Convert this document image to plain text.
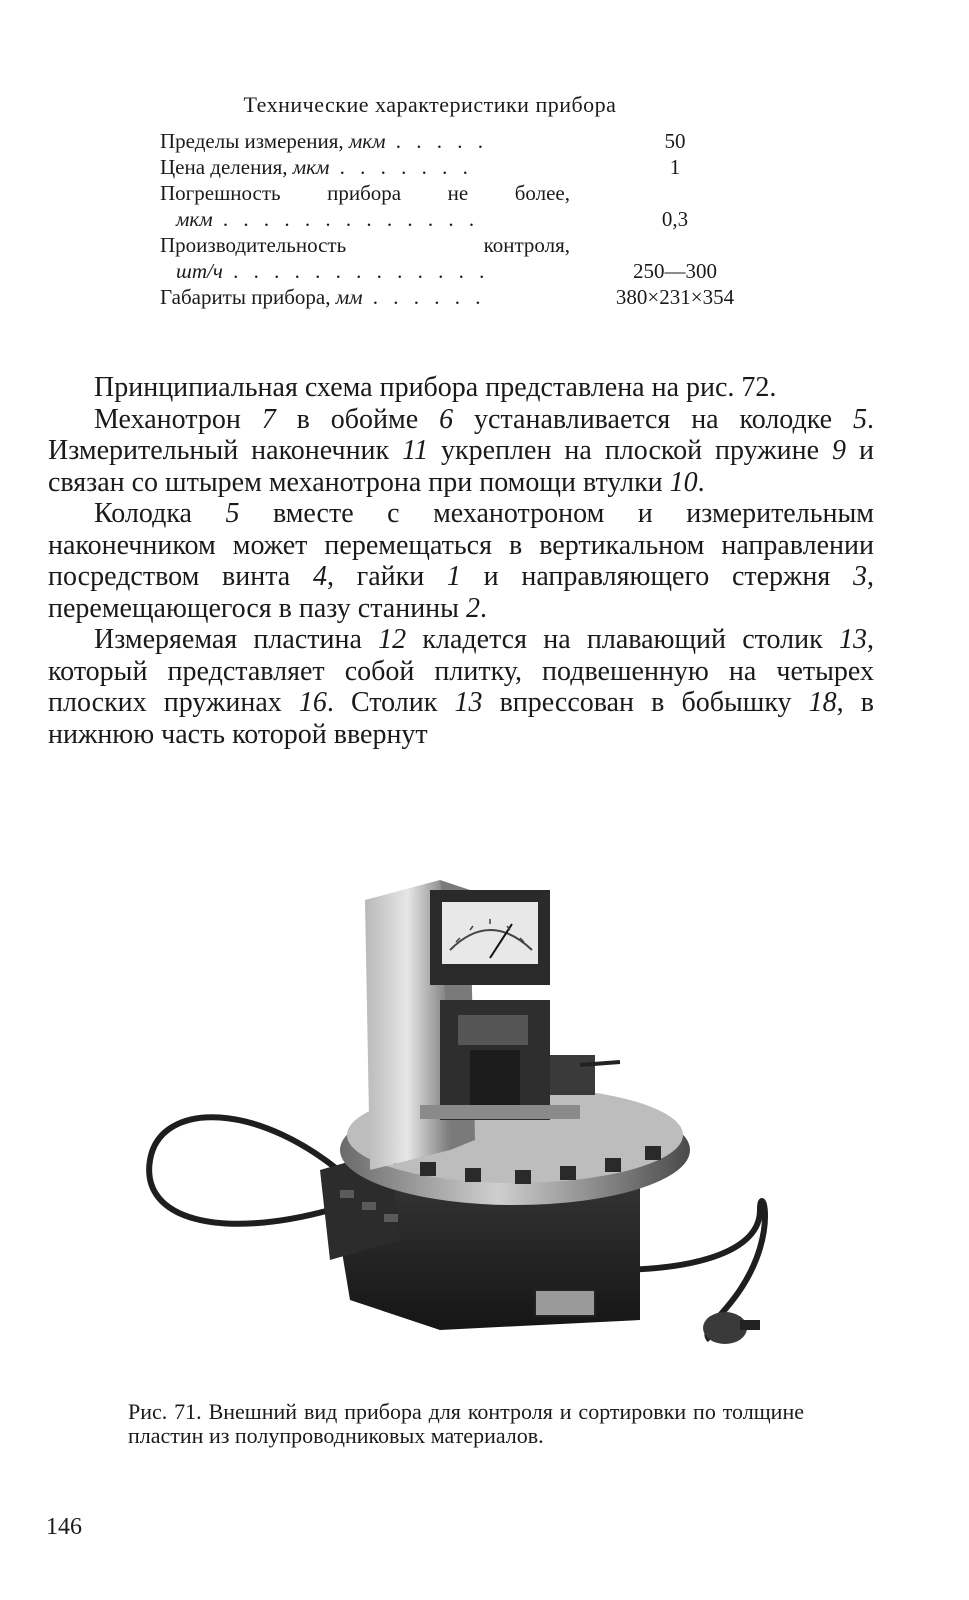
Технические характеристики прибора
Пределы измерения, мкм . . . . .	50
Цена деления, мкм . . . . . . .	1
Погрешность прибора не более,
мкм . . . . . . . . . . . . .	0,3
Производительность	контроля,
шт/ч . . . . . . . . . . . . .	250—300
Габариты прибора, мм . . . . . .	380×231×354

Принципиальная схема прибора представлена на рис. 72.

Механотрон 7 в обойме 6 устанавливается на колодке 5. Измерительный наконечник 11 укреплен на плоской пружине 9 и связан со штырем механотрона при помощи втулки 10.

Колодка 5 вместе с механотроном и измерительным наконечником может перемещаться в вертикальном направлении посредством винта 4, гайки 1 и направляющего стержня 3, перемещающегося в пазу станины 2.

Измеряемая пластина 12 кладется на плавающий столик 13, который представляет собой плитку, подвешенную на четырех плоских пружинах 16. Столик 13 впрессован в бобышку 18, в нижнюю часть которой ввернут

Рис. 71. Внешний вид прибора для контроля и сортировки по толщине пластин из полупроводниковых материалов.
146
